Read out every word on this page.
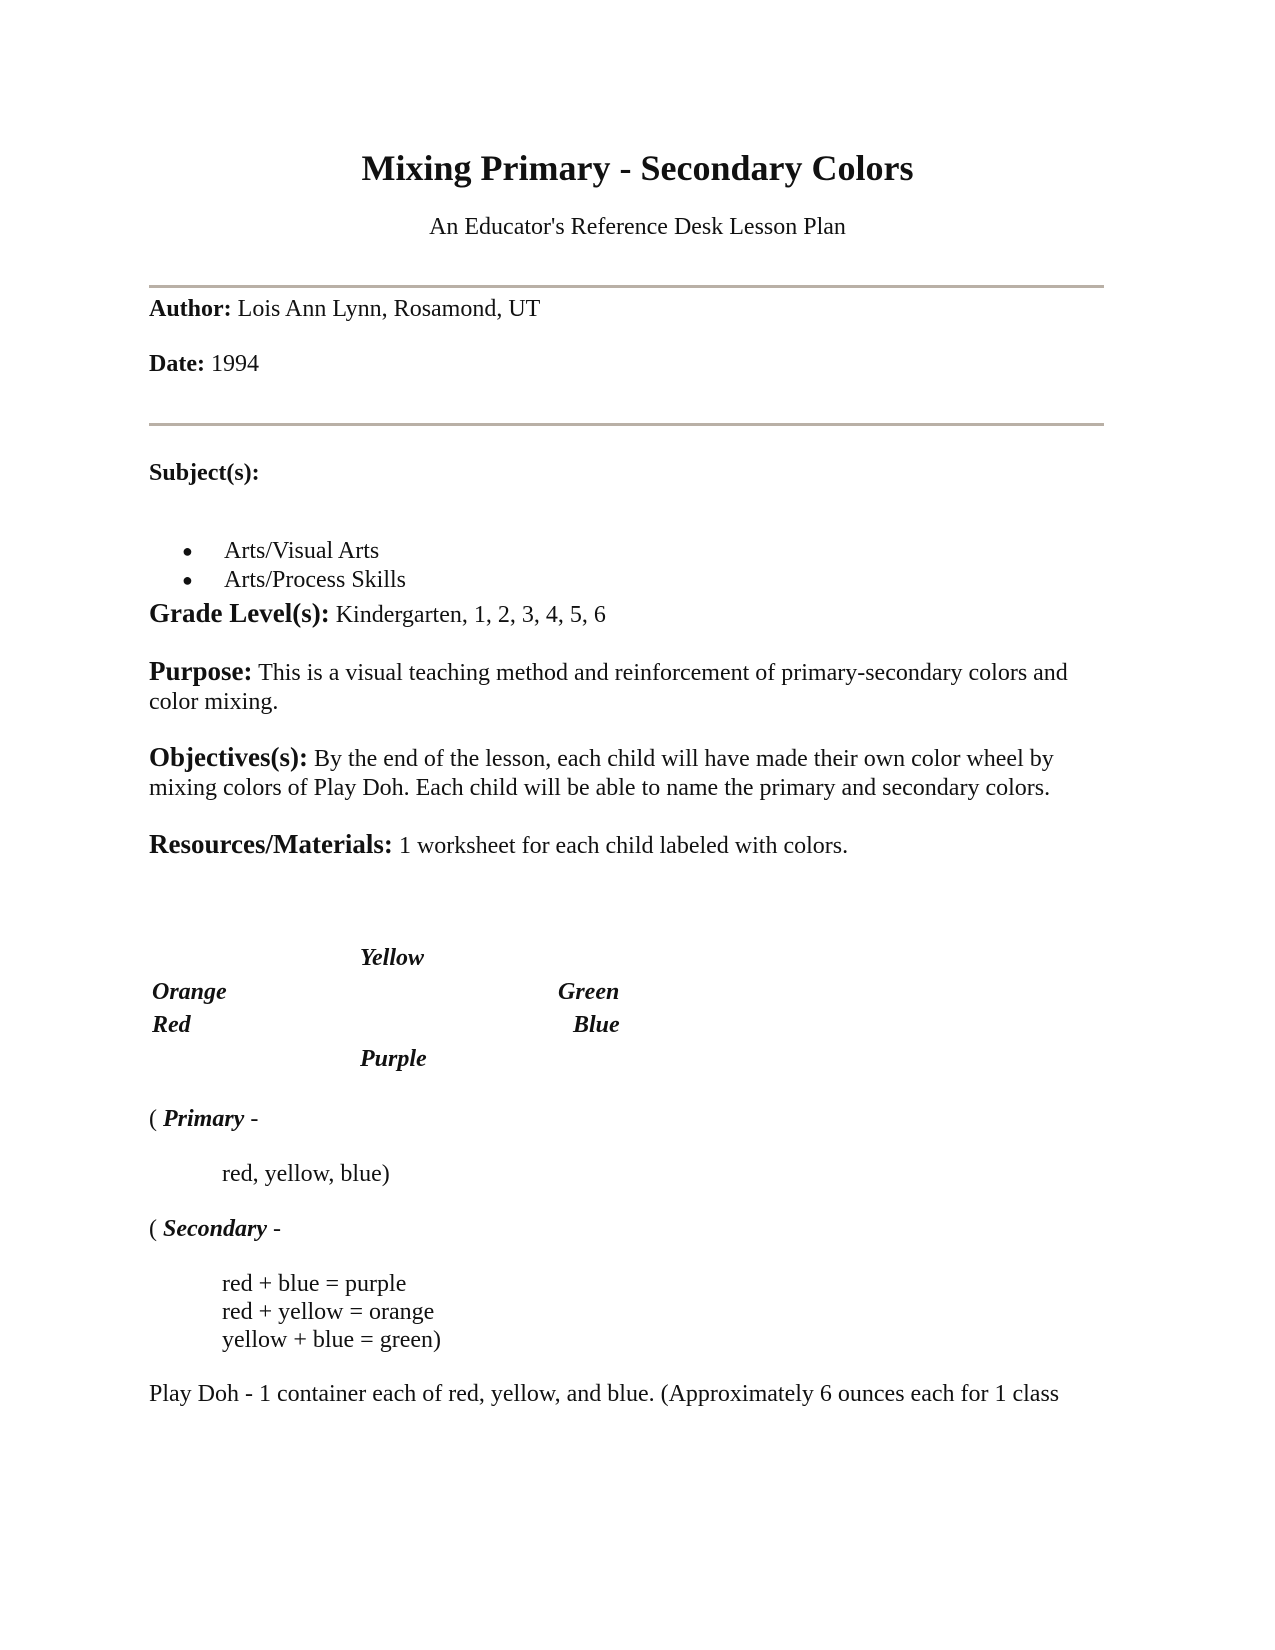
Mixing Primary - Secondary Colors
An Educator's Reference Desk Lesson Plan
Author: Lois Ann Lynn, Rosamond, UT
Date: 1994
Subject(s):
● Arts/Visual Arts
● Arts/Process Skills
Grade Level(s): Kindergarten, 1, 2, 3, 4, 5, 6
Purpose: This is a visual teaching method and reinforcement of primary-secondary colors and color mixing.
Objectives(s): By the end of the lesson, each child will have made their own color wheel by mixing colors of Play Doh. Each child will be able to name the primary and secondary colors.
Resources/Materials: 1 worksheet for each child labeled with colors.
Yellow
Orange	Green
Red	Blue
Purple
( Primary -
red, yellow, blue)
( Secondary -
red + blue = purple
red + yellow = orange
yellow + blue = green)
Play Doh - 1 container each of red, yellow, and blue. (Approximately 6 ounces each for 1 class
